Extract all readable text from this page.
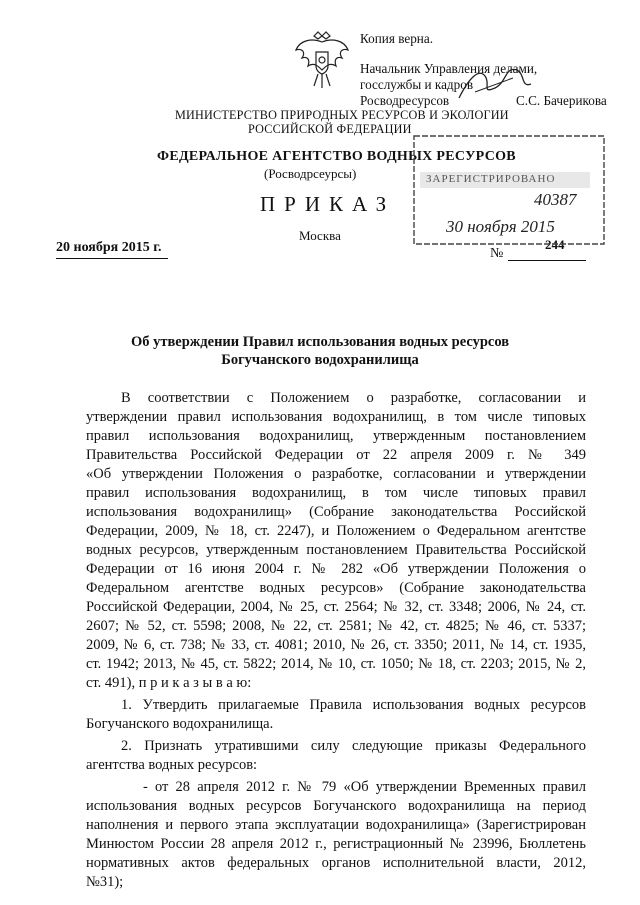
Копия верна.
Начальник Управления делами,
госслужбы и кадров
Росводресурсов	С.С. Бачерикова
МИНИСТЕРСТВО ПРИРОДНЫХ РЕСУРСОВ И ЭКОЛОГИИ
РОССИЙСКОЙ ФЕДЕРАЦИИ
ФЕДЕРАЛЬНОЕ АГЕНТСТВО ВОДНЫХ РЕСУРСОВ
(Росводрсеурсы)
ПРИКАЗ
Москва
20 ноября 2015 г.	№
244
ЗАРЕГИСТРИРОВАНО
40387
30 ноября 2015
Об утверждении Правил использования водных ресурсов
Богучанского водохранилища
В соответствии с Положением о разработке, согласовании и
утверждении правил использования водохранилищ, в том числе типовых
правил использования водохранилищ, утвержденным постановлением
Правительства Российской Федерации от 22 апреля 2009 г. № 349
«Об утверждении Положения о разработке, согласовании и утверждении
правил использования водохранилищ, в том числе типовых правил
использования водохранилищ» (Собрание законодательства Российской
Федерации, 2009, № 18, ст. 2247), и Положением о Федеральном агентстве
водных ресурсов, утвержденным постановлением Правительства Российской
Федерации от 16 июня 2004 г. № 282 «Об утверждении Положения о
Федеральном агентстве водных ресурсов» (Собрание законодательства
Российской Федерации, 2004, № 25, ст. 2564; № 32, ст. 3348; 2006, № 24, ст.
2607; № 52, ст. 5598; 2008, № 22, ст. 2581; № 42, ст. 4825; № 46, ст. 5337;
2009, № 6, ст. 738; № 33, ст. 4081; 2010, № 26, ст. 3350; 2011, № 14, ст. 1935,
ст. 1942; 2013, № 45, ст. 5822; 2014, № 10, ст. 1050; № 18, ст. 2203; 2015, № 2,
ст. 491), п р и к а з ы в а ю:
1. Утвердить прилагаемые Правила использования водных ресурсов
Богучанского водохранилища.
2. Признать утратившими силу следующие приказы Федерального
агентства водных ресурсов:
- от 28 апреля 2012 г. № 79 «Об утверждении Временных правил
использования водных ресурсов Богучанского водохранилища на период
наполнения и первого этапа эксплуатации водохранилища» (Зарегистрирован
Минюстом России 28 апреля 2012 г., регистрационный № 23996, Бюллетень
нормативных актов федеральных органов исполнительной власти, 2012,
№31);
